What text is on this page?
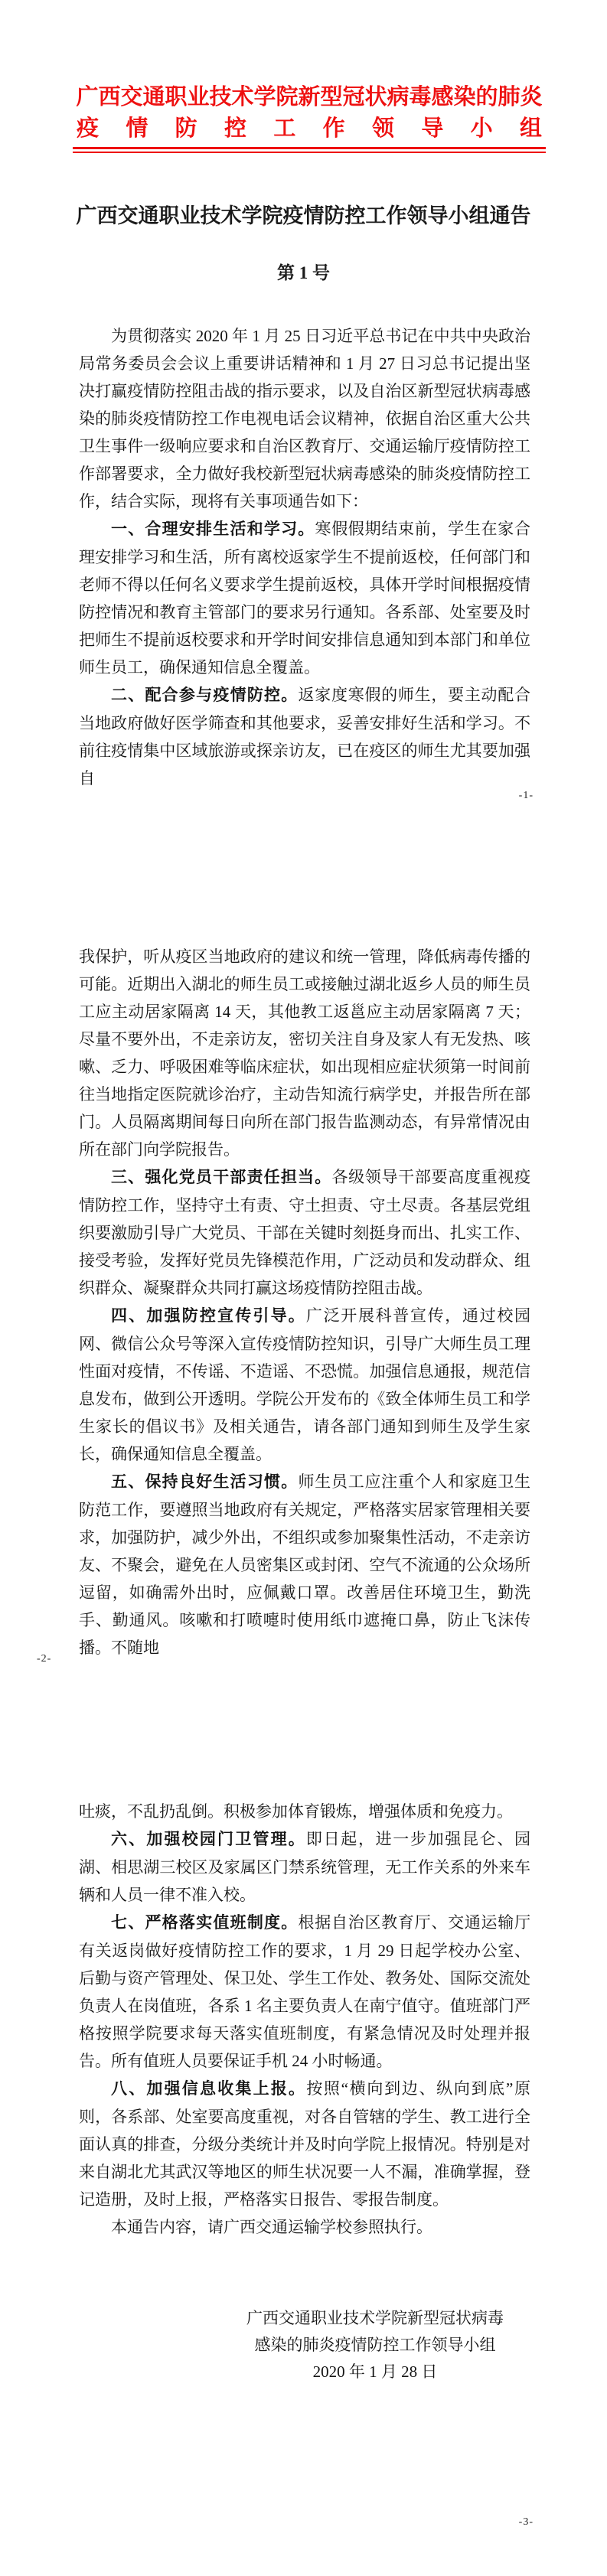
广西交通职业技术学院新型冠状病毒感染的肺炎
疫情防控工作领导小组
广西交通职业技术学院疫情防控工作领导小组通告
第 1 号

为贯彻落实 2020 年 1 月 25 日习近平总书记在中共中央政治局常务委员会会议上重要讲话精神和 1 月 27 日习总书记提出坚决打赢疫情防控阻击战的指示要求，以及自治区新型冠状病毒感染的肺炎疫情防控工作电视电话会议精神，依据自治区重大公共卫生事件一级响应要求和自治区教育厅、交通运输厅疫情防控工作部署要求，全力做好我校新型冠状病毒感染的肺炎疫情防控工作，结合实际，现将有关事项通告如下：

一、合理安排生活和学习。寒假假期结束前，学生在家合理安排学习和生活，所有离校返家学生不提前返校，任何部门和老师不得以任何名义要求学生提前返校，具体开学时间根据疫情防控情况和教育主管部门的要求另行通知。各系部、处室要及时把师生不提前返校要求和开学时间安排信息通知到本部门和单位师生员工，确保通知信息全覆盖。

二、配合参与疫情防控。返家度寒假的师生，要主动配合当地政府做好医学筛查和其他要求，妥善安排好生活和学习。不前往疫情集中区域旅游或探亲访友，已在疫区的师生尤其要加强自

-1-

我保护，听从疫区当地政府的建议和统一管理，降低病毒传播的可能。近期出入湖北的师生员工或接触过湖北返乡人员的师生员工应主动居家隔离 14 天，其他教工返邕应主动居家隔离 7 天；尽量不要外出，不走亲访友，密切关注自身及家人有无发热、咳嗽、乏力、呼吸困难等临床症状，如出现相应症状须第一时间前往当地指定医院就诊治疗，主动告知流行病学史，并报告所在部门。人员隔离期间每日向所在部门报告监测动态，有异常情况由所在部门向学院报告。

三、强化党员干部责任担当。各级领导干部要高度重视疫情防控工作，坚持守土有责、守土担责、守土尽责。各基层党组织要激励引导广大党员、干部在关键时刻挺身而出、扎实工作、接受考验，发挥好党员先锋模范作用，广泛动员和发动群众、组织群众、凝聚群众共同打赢这场疫情防控阻击战。

四、加强防控宣传引导。广泛开展科普宣传，通过校园网、微信公众号等深入宣传疫情防控知识，引导广大师生员工理性面对疫情，不传谣、不造谣、不恐慌。加强信息通报，规范信息发布，做到公开透明。学院公开发布的《致全体师生员工和学生家长的倡议书》及相关通告，请各部门通知到师生及学生家长，确保通知信息全覆盖。

五、保持良好生活习惯。师生员工应注重个人和家庭卫生防范工作，要遵照当地政府有关规定，严格落实居家管理相关要求，加强防护，减少外出，不组织或参加聚集性活动，不走亲访友、不聚会，避免在人员密集区或封闭、空气不流通的公众场所逗留，如确需外出时，应佩戴口罩。改善居住环境卫生，勤洗手、勤通风。咳嗽和打喷嚏时使用纸巾遮掩口鼻，防止飞沫传播。不随地

-2-

吐痰，不乱扔乱倒。积极参加体育锻炼，增强体质和免疫力。

六、加强校园门卫管理。即日起，进一步加强昆仑、园湖、相思湖三校区及家属区门禁系统管理，无工作关系的外来车辆和人员一律不准入校。

七、严格落实值班制度。根据自治区教育厅、交通运输厅有关返岗做好疫情防控工作的要求，1 月 29 日起学校办公室、后勤与资产管理处、保卫处、学生工作处、教务处、国际交流处负责人在岗值班，各系 1 名主要负责人在南宁值守。值班部门严格按照学院要求每天落实值班制度，有紧急情况及时处理并报告。所有值班人员要保证手机 24 小时畅通。

八、加强信息收集上报。按照“横向到边、纵向到底”原则，各系部、处室要高度重视，对各自管辖的学生、教工进行全面认真的排查，分级分类统计并及时向学院上报情况。特别是对来自湖北尤其武汉等地区的师生状况要一人不漏，准确掌握，登记造册，及时上报，严格落实日报告、零报告制度。

本通告内容，请广西交通运输学校参照执行。

广西交通职业技术学院新型冠状病毒
感染的肺炎疫情防控工作领导小组
2020 年 1 月 28 日
-3-
